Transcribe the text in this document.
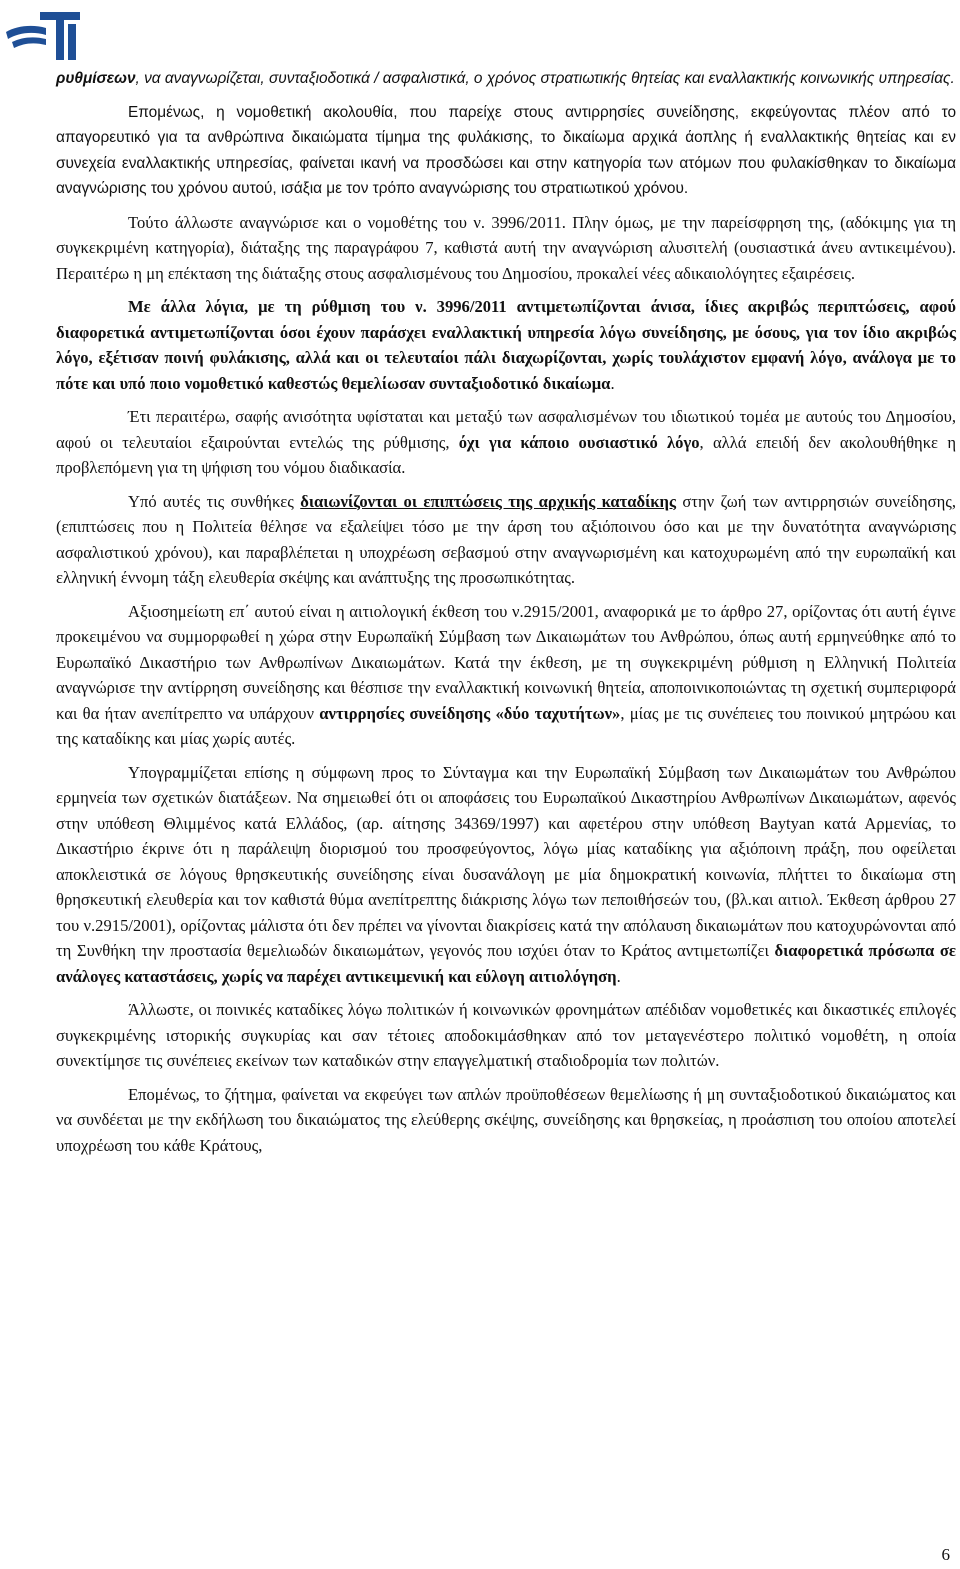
ρυθμίσεων, να αναγνωρίζεται, συνταξιοδοτικά / ασφαλιστικά, ο χρόνος στρατιωτικής θητείας και εναλλακτικής κοινωνικής υπηρεσίας.

Επομένως, η νομοθετική ακολουθία, που παρείχε στους αντιρρησίες συνείδησης, εκφεύγοντας πλέον από το απαγορευτικό για τα ανθρώπινα δικαιώματα τίμημα της φυλάκισης, το δικαίωμα αρχικά άοπλης ή εναλλακτικής θητείας και εν συνεχεία εναλλακτικής υπηρεσίας, φαίνεται ικανή να προσδώσει και στην κατηγορία των ατόμων που φυλακίσθηκαν το δικαίωμα αναγνώρισης του χρόνου αυτού, ισάξια με τον τρόπο αναγνώρισης του στρατιωτικού χρόνου.

Τούτο άλλωστε αναγνώρισε και ο νομοθέτης του ν. 3996/2011. Πλην όμως, με την παρείσφρηση της, (αδόκιμης για τη συγκεκριμένη κατηγορία), διάταξης της παραγράφου 7, καθιστά αυτή την αναγνώριση αλυσιτελή (ουσιαστικά άνευ αντικειμένου). Περαιτέρω η μη επέκταση της διάταξης στους ασφαλισμένους του Δημοσίου, προκαλεί νέες αδικαιολόγητες εξαιρέσεις.

Με άλλα λόγια, με τη ρύθμιση του ν. 3996/2011 αντιμετωπίζονται άνισα, ίδιες ακριβώς περιπτώσεις, αφού διαφορετικά αντιμετωπίζονται όσοι έχουν παράσχει εναλλακτική υπηρεσία λόγω συνείδησης, με όσους, για τον ίδιο ακριβώς λόγο, εξέτισαν ποινή φυλάκισης, αλλά και οι τελευταίοι πάλι διαχωρίζονται, χωρίς τουλάχιστον εμφανή λόγο, ανάλογα με το πότε και υπό ποιο νομοθετικό καθεστώς θεμελίωσαν συνταξιοδοτικό δικαίωμα.

Έτι περαιτέρω, σαφής ανισότητα υφίσταται και μεταξύ των ασφαλισμένων του ιδιωτικού τομέα με αυτούς του Δημοσίου, αφού οι τελευταίοι εξαιρούνται εντελώς της ρύθμισης, όχι για κάποιο ουσιαστικό λόγο, αλλά επειδή δεν ακολουθήθηκε η προβλεπόμενη για τη ψήφιση του νόμου διαδικασία.

Υπό αυτές τις συνθήκες διαιωνίζονται οι επιπτώσεις της αρχικής καταδίκης στην ζωή των αντιρρησιών συνείδησης, (επιπτώσεις που η Πολιτεία θέλησε να εξαλείψει τόσο με την άρση του αξιόποινου όσο και με την δυνατότητα αναγνώρισης ασφαλιστικού χρόνου), και παραβλέπεται η υποχρέωση σεβασμού στην αναγνωρισμένη και κατοχυρωμένη από την ευρωπαϊκή και ελληνική έννομη τάξη ελευθερία σκέψης και ανάπτυξης της προσωπικότητας.

Αξιοσημείωτη επ΄ αυτού είναι η αιτιολογική έκθεση του ν.2915/2001, αναφορικά με το άρθρο 27, ορίζοντας ότι αυτή έγινε προκειμένου να συμμορφωθεί η χώρα στην Ευρωπαϊκή Σύμβαση των Δικαιωμάτων του Ανθρώπου, όπως αυτή ερμηνεύθηκε από το Ευρωπαϊκό Δικαστήριο των Ανθρωπίνων Δικαιωμάτων. Κατά την έκθεση, με τη συγκεκριμένη ρύθμιση η Ελληνική Πολιτεία αναγνώρισε την αντίρρηση συνείδησης και θέσπισε την εναλλακτική κοινωνική θητεία, αποποινικοποιώντας τη σχετική συμπεριφορά και θα ήταν ανεπίτρεπτο να υπάρχουν αντιρρησίες συνείδησης «δύο ταχυτήτων», μίας με τις συνέπειες του ποινικού μητρώου και της καταδίκης και μίας χωρίς αυτές.

Υπογραμμίζεται επίσης η σύμφωνη προς το Σύνταγμα και την Ευρωπαϊκή Σύμβαση των Δικαιωμάτων του Ανθρώπου ερμηνεία των σχετικών διατάξεων. Να σημειωθεί ότι οι αποφάσεις του Ευρωπαϊκού Δικαστηρίου Ανθρωπίνων Δικαιωμάτων, αφενός στην υπόθεση Θλιμμένος κατά Ελλάδος, (αρ. αίτησης 34369/1997) και αφετέρου στην υπόθεση Baytyan κατά Αρμενίας, το Δικαστήριο έκρινε ότι η παράλειψη διορισμού του προσφεύγοντος, λόγω μίας καταδίκης για αξιόποινη πράξη, που οφείλεται αποκλειστικά σε λόγους θρησκευτικής συνείδησης είναι δυσανάλογη με μία δημοκρατική κοινωνία, πλήττει το δικαίωμα στη θρησκευτική ελευθερία και τον καθιστά θύμα ανεπίτρεπτης διάκρισης λόγω των πεποιθήσεών του, (βλ.και αιτιολ. Έκθεση άρθρου 27 του ν.2915/2001), ορίζοντας μάλιστα ότι δεν πρέπει να γίνονται διακρίσεις κατά την απόλαυση δικαιωμάτων που κατοχυρώνονται από τη Συνθήκη την προστασία θεμελιωδών δικαιωμάτων, γεγονός που ισχύει όταν το Κράτος αντιμετωπίζει διαφορετικά πρόσωπα σε ανάλογες καταστάσεις, χωρίς να παρέχει αντικειμενική και εύλογη αιτιολόγηση.

Άλλωστε, οι ποινικές καταδίκες λόγω πολιτικών ή κοινωνικών φρονημάτων απέδιδαν νομοθετικές και δικαστικές επιλογές συγκεκριμένης ιστορικής συγκυρίας και σαν τέτοιες αποδοκιμάσθηκαν από τον μεταγενέστερο πολιτικό νομοθέτη, η οποία συνεκτίμησε τις συνέπειες εκείνων των καταδικών στην επαγγελματική σταδιοδρομία των πολιτών.

Επομένως, το ζήτημα, φαίνεται να εκφεύγει των απλών προϋποθέσεων θεμελίωσης ή μη συνταξιοδοτικού δικαιώματος και να συνδέεται με την εκδήλωση του δικαιώματος της ελεύθερης σκέψης, συνείδησης και θρησκείας, η προάσπιση του οποίου αποτελεί υποχρέωση του κάθε Κράτους,

6
